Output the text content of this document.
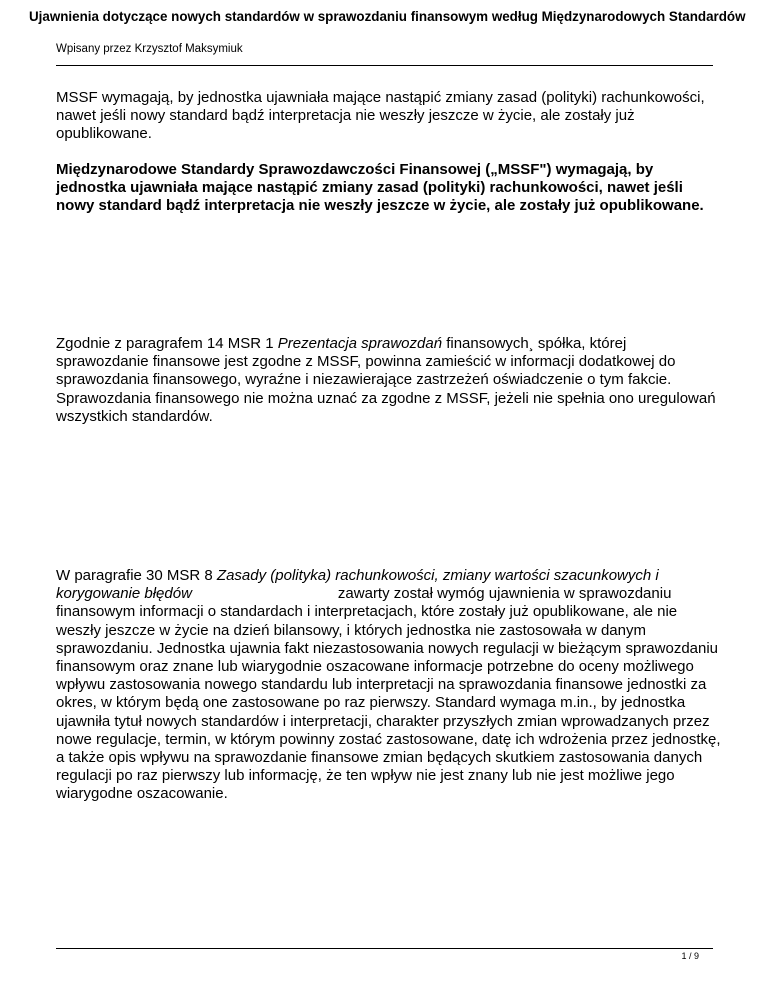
Ujawnienia dotyczące nowych standardów w sprawozdaniu finansowym według Międzynarodowych Standardów
Wpisany przez Krzysztof Maksymiuk

MSSF wymagają, by jednostka ujawniała mające nastąpić zmiany zasad (polityki) rachunkowości, nawet jeśli nowy standard bądź interpretacja nie weszły jeszcze w życie, ale zostały już opublikowane.

Międzynarodowe Standardy Sprawozdawczości Finansowej („MSSF") wymagają, by jednostka ujawniała mające nastąpić zmiany zasad (polityki) rachunkowości, nawet jeśli nowy standard bądź interpretacja nie weszły jeszcze w życie, ale zostały już opublikowane.

Zgodnie z paragrafem 14 MSR 1 Prezentacja sprawozdań finansowych¸ spółka, której sprawozdanie finansowe jest zgodne z MSSF, powinna zamieścić w informacji dodatkowej do sprawozdania finansowego, wyraźne i niezawierające zastrzeżeń oświadczenie o tym fakcie. Sprawozdania finansowego nie można uznać za zgodne z MSSF, jeżeli nie spełnia ono uregulowań wszystkich standardów.

W paragrafie 30 MSR 8 Zasady (polityka) rachunkowości, zmiany wartości szacunkowych i korygowanie błędów	zawarty został wymóg ujawnienia w sprawozdaniu finansowym informacji o standardach i interpretacjach, które zostały już opublikowane, ale nie weszły jeszcze w życie na dzień bilansowy, i których jednostka nie zastosowała w danym sprawozdaniu. Jednostka ujawnia fakt niezastosowania nowych regulacji w bieżącym sprawozdaniu finansowym oraz znane lub wiarygodnie oszacowane informacje potrzebne do oceny możliwego wpływu zastosowania nowego standardu lub interpretacji na sprawozdania finansowe jednostki za okres, w którym będą one zastosowane po raz pierwszy. Standard wymaga m.in., by jednostka ujawniła tytuł nowych standardów i interpretacji, charakter przyszłych zmian wprowadzanych przez nowe regulacje, termin, w którym powinny zostać zastosowane, datę ich wdrożenia przez jednostkę, a także opis wpływu na sprawozdanie finansowe zmian będących skutkiem zastosowania danych regulacji po raz pierwszy lub informację, że ten wpływ nie jest znany lub nie jest możliwe jego wiarygodne oszacowanie.

1 / 9
